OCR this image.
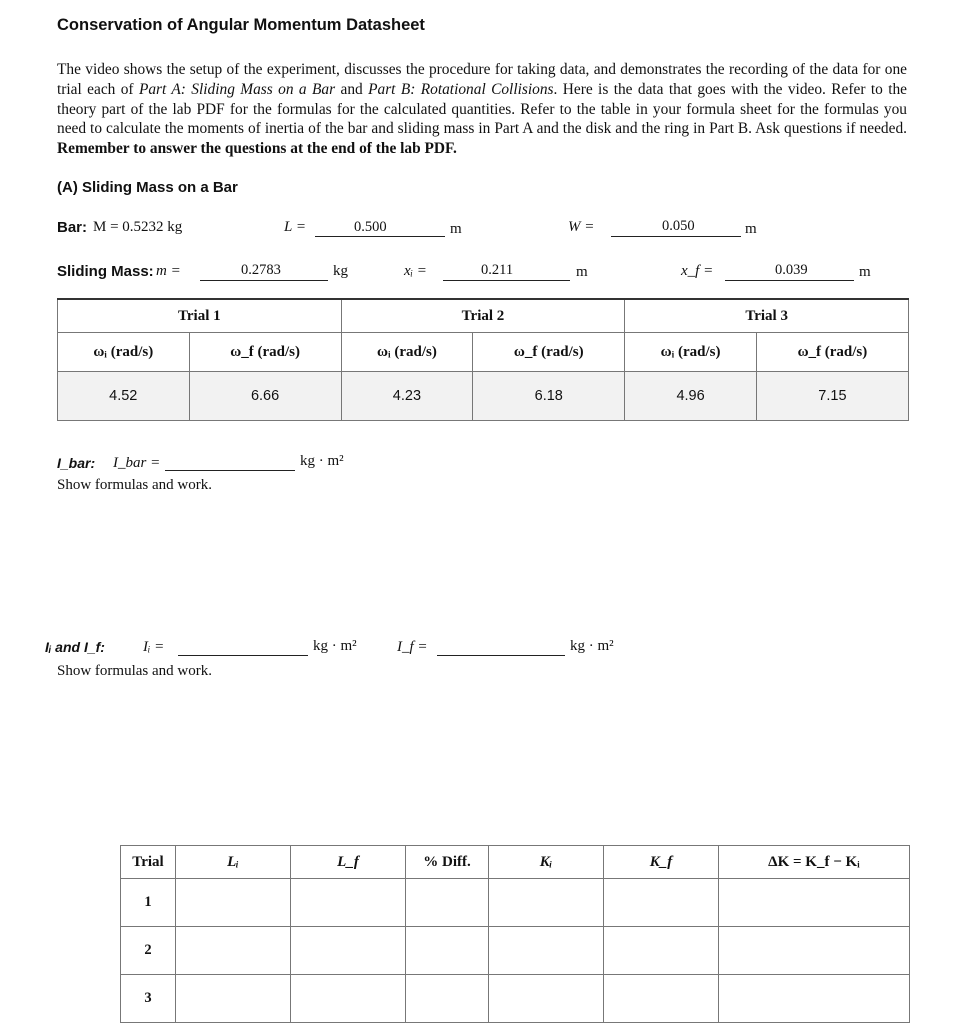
Conservation of Angular Momentum Datasheet
The video shows the setup of the experiment, discusses the procedure for taking data, and demonstrates the recording of the data for one trial each of Part A: Sliding Mass on a Bar and Part B: Rotational Collisions. Here is the data that goes with the video. Refer to the theory part of the lab PDF for the formulas for the calculated quantities. Refer to the table in your formula sheet for the formulas you need to calculate the moments of inertia of the bar and sliding mass in Part A and the disk and the ring in Part B. Ask questions if needed. Remember to answer the questions at the end of the lab PDF.
(A) Sliding Mass on a Bar
Bar: M = 0.5232 kg	L =	0.500	m	W =	0.050	m
Sliding Mass: m =	0.2783	kg	xᵢ =	0.211	m	x_f =	0.039	m
Trial 1		Trial 2		Trial 3	
ωᵢ (rad/s)	ω_f (rad/s)	ωᵢ (rad/s)	ω_f (rad/s)	ωᵢ (rad/s)	ω_f (rad/s)
4.52	6.66	4.23	6.18	4.96	7.15
I_bar: I_bar =	kg · m²
Show formulas and work.
Iᵢ and I_f:	Iᵢ =	kg · m²	I_f =	kg · m²
Show formulas and work.
Trial	Lᵢ	L_f	% Diff.	Kᵢ	K_f	ΔK = K_f − Kᵢ
1						
2						
3						
